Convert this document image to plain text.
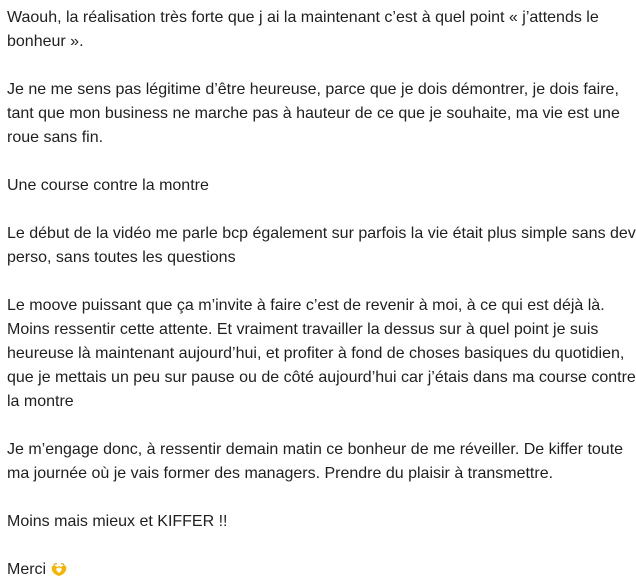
Waouh, la réalisation très forte que j ai la maintenant c’est à quel point « j’attends le bonheur ».

Je ne me sens pas légitime d’être heureuse, parce que je dois démontrer, je dois faire, tant que mon business ne marche pas à hauteur de ce que je souhaite, ma vie est une roue sans fin.

Une course contre la montre

Le début de la vidéo me parle bcp également sur parfois la vie était plus simple sans dev perso, sans toutes les questions

Le moove puissant que ça m’invite à faire c’est de revenir à moi, à ce qui est déjà là. Moins ressentir cette attente. Et vraiment travailler la dessus sur à quel point je suis heureuse là maintenant aujourd’hui, et profiter à fond de choses basiques du quotidien, que je mettais un peu sur pause ou de côté aujourd’hui car j’étais dans ma course contre la montre

Je m’engage donc, à ressentir demain matin ce bonheur de me réveiller. De kiffer toute ma journée où je vais former des managers. Prendre du plaisir à transmettre.

Moins mais mieux et KIFFER !!

Merci
